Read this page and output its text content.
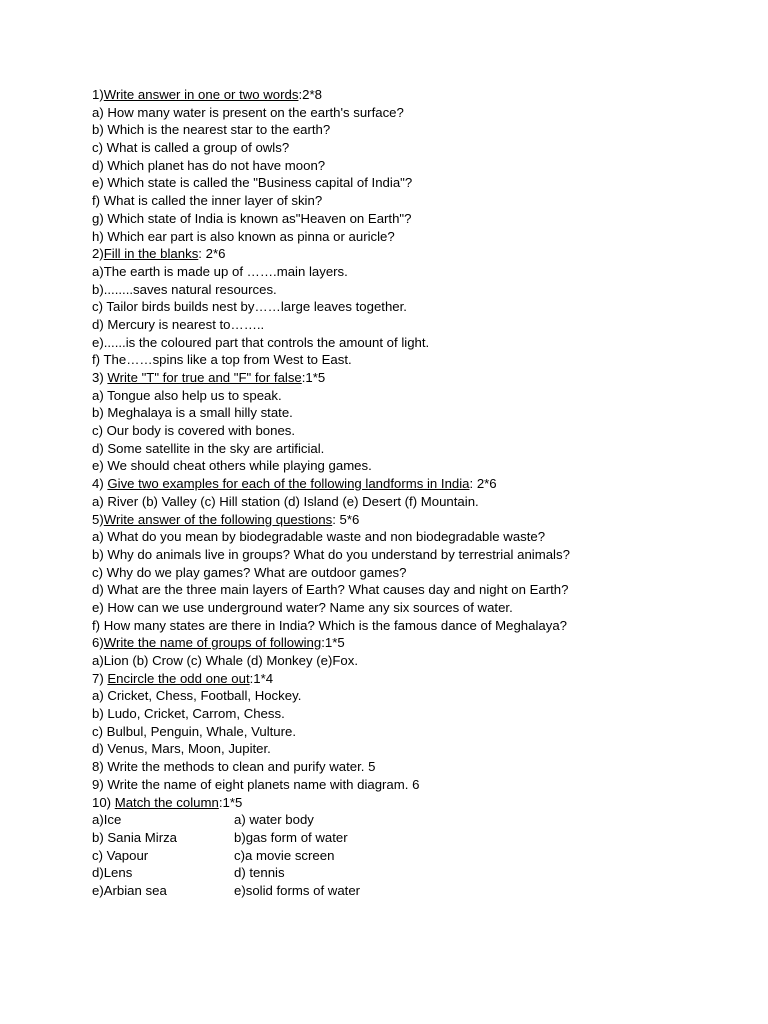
1)Write answer in one or two words:2*8
a) How many water is present on the earth's surface?
b) Which is the nearest star to the earth?
c) What is called a group of owls?
d) Which planet has do not have moon?
e) Which state is called the "Business capital of India"?
f) What is called the inner layer of skin?
g) Which state of India is known as"Heaven on Earth"?
h) Which ear part is also known as pinna or auricle?
2)Fill in the blanks: 2*6
a)The earth is made up of …….main layers.
b)........saves natural resources.
c) Tailor birds builds nest by……large leaves together.
d) Mercury is nearest to……..
e)......is the coloured part that controls the amount of light.
f) The……spins like a top from West to East.
3) Write "T" for true and "F" for false:1*5
a) Tongue also help us to speak.
b) Meghalaya is a small hilly state.
c) Our body is covered with bones.
d) Some satellite in the sky are artificial.
e) We should cheat others while playing games.
4) Give two examples for each of the following landforms in India: 2*6
a) River (b) Valley (c) Hill station (d) Island (e) Desert (f) Mountain.
5)Write answer of the following questions: 5*6
a) What do you mean by biodegradable waste and non biodegradable waste?
b) Why do animals live in groups? What do you understand by terrestrial animals?
c) Why do we play games? What are outdoor games?
d) What are the three main layers of Earth? What causes day and night on Earth?
e) How can we use underground water? Name any six sources of water.
f) How many states are there in India? Which is the famous dance of Meghalaya?
6)Write the name of groups of following:1*5
a)Lion (b) Crow (c) Whale (d) Monkey (e)Fox.
7) Encircle the odd one out:1*4
a) Cricket, Chess, Football, Hockey.
b) Ludo, Cricket, Carrom, Chess.
c) Bulbul, Penguin, Whale, Vulture.
d) Venus, Mars, Moon, Jupiter.
8) Write the methods to clean and purify water. 5
9) Write the name of eight planets name with diagram. 6
10) Match the column:1*5
a)Ice	a) water body
b) Sania Mirza	b)gas form of water
c) Vapour	c)a movie screen
d)Lens	d) tennis
e)Arbian sea	e)solid forms of water
